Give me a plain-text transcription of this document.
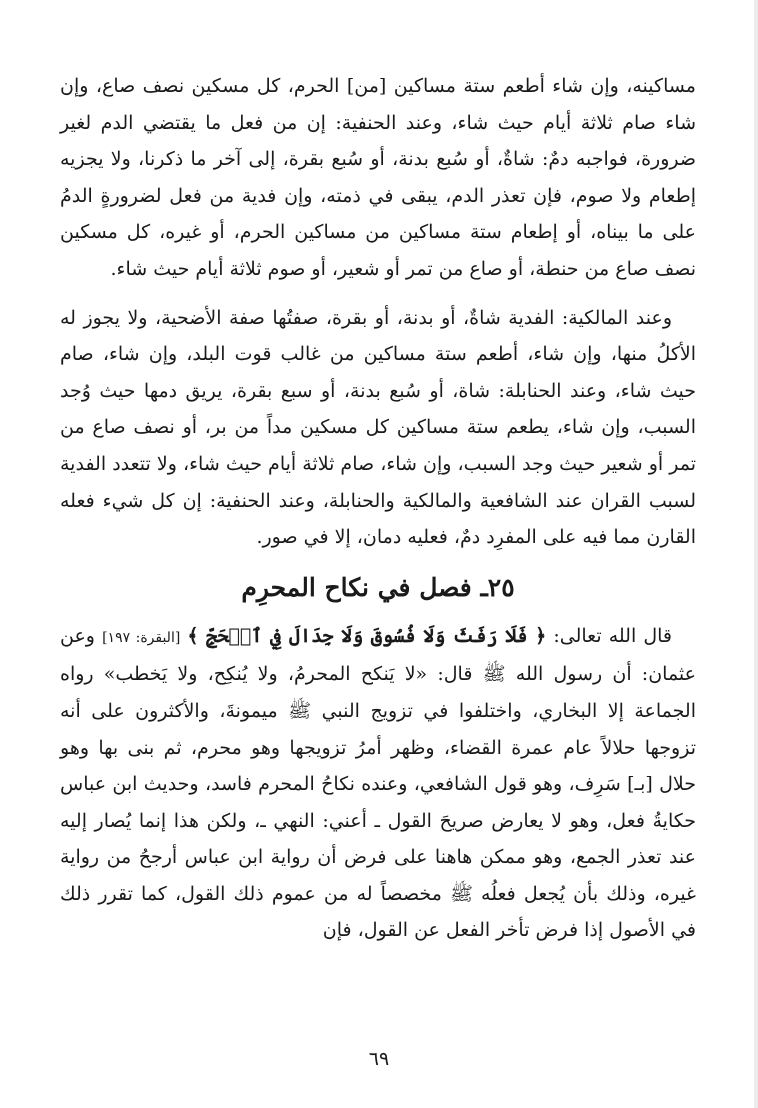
مساكينه، وإن شاء أطعم ستة مساكين [من] الحرم، كل مسكين نصف صاع، وإن شاء صام ثلاثة أيام حيث شاء، وعند الحنفية: إن من فعل ما يقتضي الدم لغير ضرورة، فواجبه دمٌ: شاةٌ، أو سُبع بدنة، أو سُبع بقرة، إلى آخر ما ذكرنا، ولا يجزيه إطعام ولا صوم، فإن تعذر الدم، يبقى في ذمته، وإن فدية من فعل لضرورةٍ الدمُ على ما بيناه، أو إطعام ستة مساكين من مساكين الحرم، أو غيره، كل مسكين نصف صاع من حنطة، أو صاع من تمر أو شعير، أو صوم ثلاثة أيام حيث شاء.

وعند المالكية: الفدية شاةٌ، أو بدنة، أو بقرة، صفتُها صفة الأضحية، ولا يجوز له الأكلُ منها، وإن شاء، أطعم ستة مساكين من غالب قوت البلد، وإن شاء، صام حيث شاء، وعند الحنابلة: شاة، أو سُبع بدنة، أو سبع بقرة، يريق دمها حيث وُجد السبب، وإن شاء، يطعم ستة مساكين كل مسكين مداً من بر، أو نصف صاع من تمر أو شعير حيث وجد السبب، وإن شاء، صام ثلاثة أيام حيث شاء، ولا تتعدد الفدية لسبب القران عند الشافعية والمالكية والحنابلة، وعند الحنفية: إن كل شيء فعله القارن مما فيه على المفرِد دمٌ، فعليه دمان، إلا في صور.

٢٥ـ فصل في نكاح المحرِم

قال الله تعالى: ﴿ فَلَا رَفَثَ وَلَا فُسُوقَ وَلَا جِدَالَ فِي ٱلۡحَجِّ ﴾ [البقرة: ١٩٧] وعن عثمان: أن رسول الله ﷺ قال: «لا يَنكح المحرمُ، ولا يُنكِح، ولا يَخطب» رواه الجماعة إلا البخاري، واختلفوا في تزويج النبي ﷺ ميمونةَ، والأكثرون على أنه تزوجها حلالاً عام عمرة القضاء، وظهر أمرُ تزويجها وهو محرم، ثم بنى بها وهو حلال [بـ] سَرِف، وهو قول الشافعي، وعنده نكاحُ المحرم فاسد، وحديث ابن عباس حكايةُ فعل، وهو لا يعارض صريحَ القول ـ أعني: النهي ـ، ولكن هذا إنما يُصار إليه عند تعذر الجمع، وهو ممكن هاهنا على فرض أن رواية ابن عباس أرجحُ من رواية غيره، وذلك بأن يُجعل فعلُه ﷺ مخصصاً له من عموم ذلك القول، كما تقرر ذلك في الأصول إذا فرض تأخر الفعل عن القول، فإن

٦٩
